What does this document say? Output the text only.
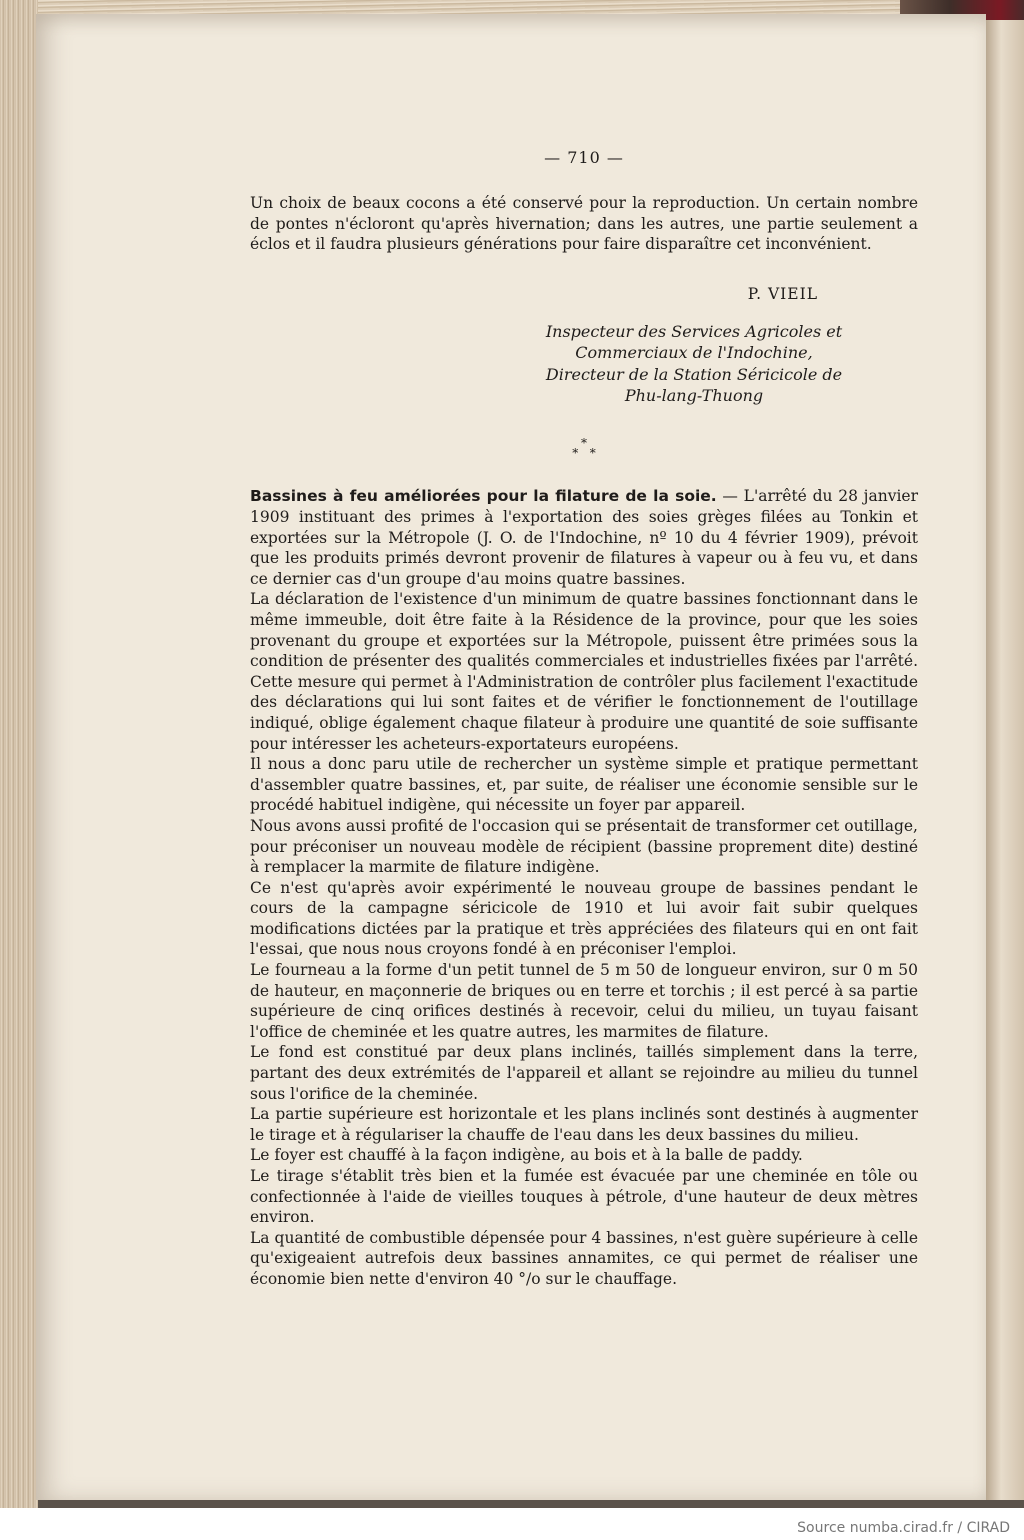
— 710 —

Un choix de beaux cocons a été conservé pour la reproduction. Un certain nombre de pontes n'écloront qu'après hivernation; dans les autres, une partie seulement a éclos et il faudra plusieurs générations pour faire disparaître cet inconvénient.

P. VIEIL
Inspecteur des Services Agricoles et
Commerciaux de l'Indochine,
Directeur de la Station Séricicole de
Phu-lang-Thuong
*
*   *

Bassines à feu améliorées pour la filature de la soie. — L'arrêté du 28 janvier 1909 instituant des primes à l'exportation des soies grèges filées au Tonkin et exportées sur la Métropole (J. O. de l'Indochine, nº 10 du 4 février 1909), prévoit que les produits primés devront provenir de filatures à vapeur ou à feu vu, et dans ce dernier cas d'un groupe d'au moins quatre bassines.

La déclaration de l'existence d'un minimum de quatre bassines fonctionnant dans le même immeuble, doit être faite à la Résidence de la province, pour que les soies provenant du groupe et exportées sur la Métropole, puissent être primées sous la condition de présenter des qualités commerciales et industrielles fixées par l'arrêté. Cette mesure qui permet à l'Administration de contrôler plus facilement l'exactitude des déclarations qui lui sont faites et de vérifier le fonctionnement de l'outillage indiqué, oblige également chaque filateur à produire une quantité de soie suffisante pour intéresser les acheteurs-exportateurs européens.

Il nous a donc paru utile de rechercher un système simple et pratique permettant d'assembler quatre bassines, et, par suite, de réaliser une économie sensible sur le procédé habituel indigène, qui nécessite un foyer par appareil.

Nous avons aussi profité de l'occasion qui se présentait de transformer cet outillage, pour préconiser un nouveau modèle de récipient (bassine proprement dite) destiné à remplacer la marmite de filature indigène.

Ce n'est qu'après avoir expérimenté le nouveau groupe de bassines pendant le cours de la campagne séricicole de 1910 et lui avoir fait subir quelques modifications dictées par la pratique et très appréciées des filateurs qui en ont fait l'essai, que nous nous croyons fondé à en préconiser l'emploi.

Le fourneau a la forme d'un petit tunnel de 5 m 50 de longueur environ, sur 0 m 50 de hauteur, en maçonnerie de briques ou en terre et torchis ; il est percé à sa partie supérieure de cinq orifices destinés à recevoir, celui du milieu, un tuyau faisant l'office de cheminée et les quatre autres, les marmites de filature.

Le fond est constitué par deux plans inclinés, taillés simplement dans la terre, partant des deux extrémités de l'appareil et allant se rejoindre au milieu du tunnel sous l'orifice de la cheminée.

La partie supérieure est horizontale et les plans inclinés sont destinés à augmenter le tirage et à régulariser la chauffe de l'eau dans les deux bassines du milieu.

Le foyer est chauffé à la façon indigène, au bois et à la balle de paddy.

Le tirage s'établit très bien et la fumée est évacuée par une cheminée en tôle ou confectionnée à l'aide de vieilles touques à pétrole, d'une hauteur de deux mètres environ.

La quantité de combustible dépensée pour 4 bassines, n'est guère supérieure à celle qu'exigeaient autrefois deux bassines annamites, ce qui permet de réaliser une économie bien nette d'environ 40 °/o sur le chauffage.

Source numba.cirad.fr / CIRAD
